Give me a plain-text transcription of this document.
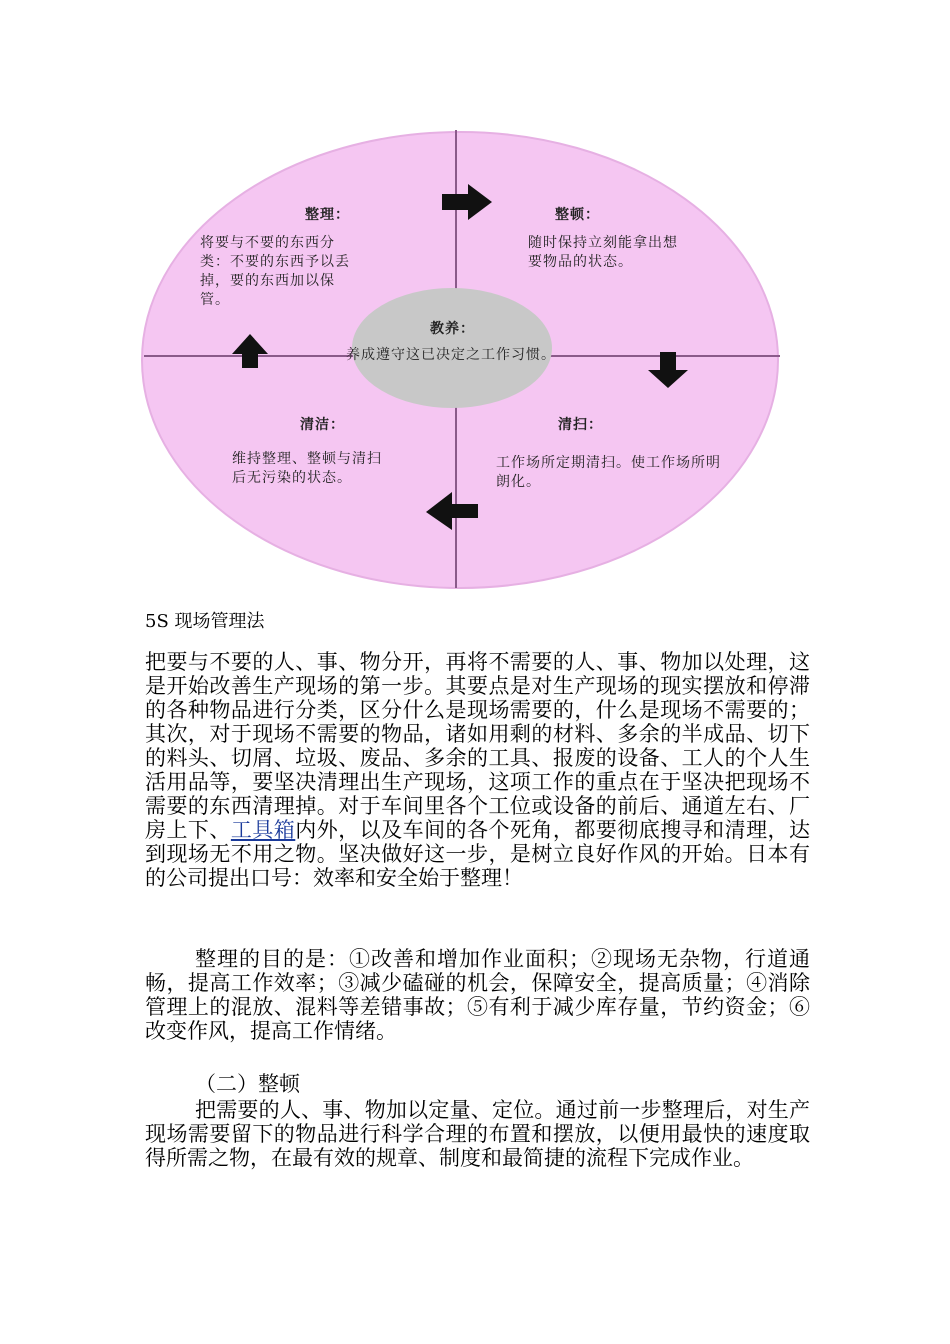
整理：
将要与不要的东西分类：不要的东西予以丢掉，要的东西加以保管。
整顿：
随时保持立刻能拿出想要物品的状态。
教养：
养成遵守这已决定之工作习惯。
清洁：
维持整理、整顿与清扫后无污染的状态。
清扫：
工作场所定期清扫。使工作场所明朗化。
5S 现场管理法
把要与不要的人、事、物分开，再将不需要的人、事、物加以处理，这是开始改善生产现场的第一步。其要点是对生产现场的现实摆放和停滞的各种物品进行分类，区分什么是现场需要的，什么是现场不需要的；其次，对于现场不需要的物品，诸如用剩的材料、多余的半成品、切下的料头、切屑、垃圾、废品、多余的工具、报废的设备、工人的个人生活用品等，要坚决清理出生产现场，这项工作的重点在于坚决把现场不需要的东西清理掉。对于车间里各个工位或设备的前后、通道左右、厂房上下、工具箱内外，以及车间的各个死角，都要彻底搜寻和清理，达到现场无不用之物。坚决做好这一步，是树立良好作风的开始。日本有的公司提出口号：效率和安全始于整理！
整理的目的是：①改善和增加作业面积；②现场无杂物，行道通畅，提高工作效率；③减少磕碰的机会，保障安全，提高质量；④消除管理上的混放、混料等差错事故；⑤有利于减少库存量，节约资金；⑥改变作风，提高工作情绪。
（二）整顿
把需要的人、事、物加以定量、定位。通过前一步整理后，对生产现场需要留下的物品进行科学合理的布置和摆放，以便用最快的速度取得所需之物，在最有效的规章、制度和最简捷的流程下完成作业。
